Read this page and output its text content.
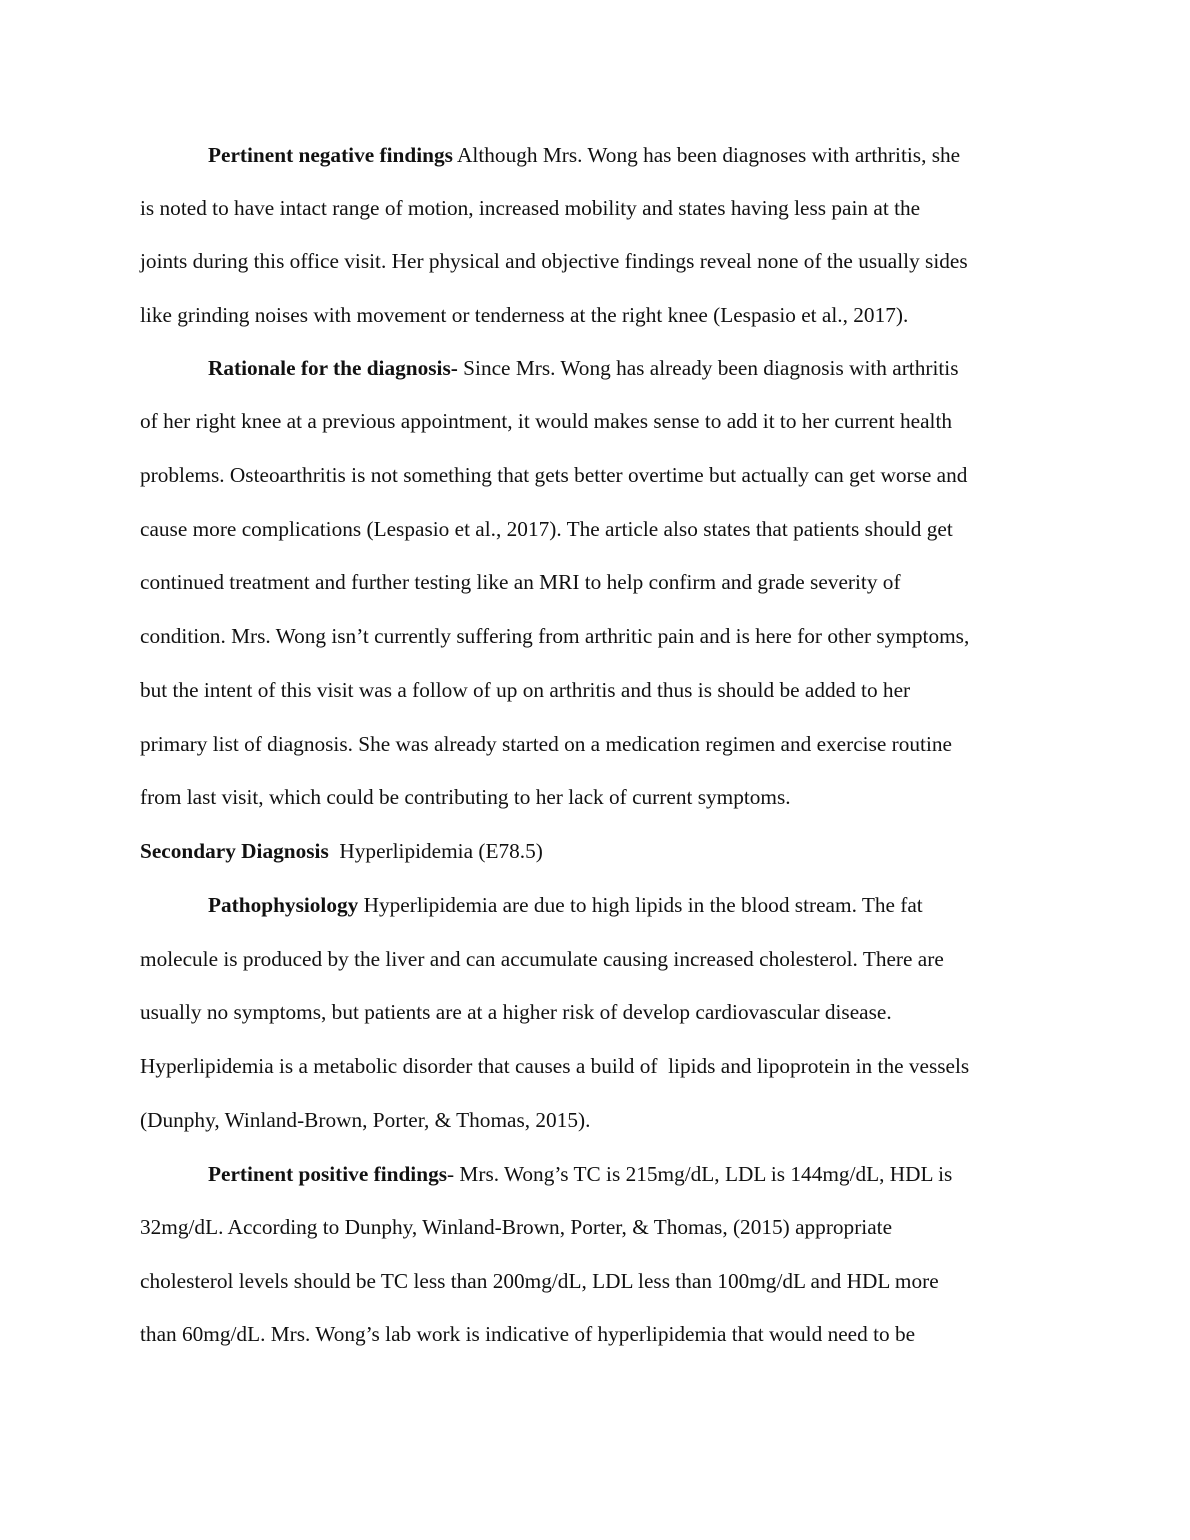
Pertinent negative findings Although Mrs. Wong has been diagnoses with arthritis, she
is noted to have intact range of motion, increased mobility and states having less pain at the
joints during this office visit. Her physical and objective findings reveal none of the usually sides
like grinding noises with movement or tenderness at the right knee (Lespasio et al., 2017).
Rationale for the diagnosis- Since Mrs. Wong has already been diagnosis with arthritis
of her right knee at a previous appointment, it would makes sense to add it to her current health
problems. Osteoarthritis is not something that gets better overtime but actually can get worse and
cause more complications (Lespasio et al., 2017). The article also states that patients should get
continued treatment and further testing like an MRI to help confirm and grade severity of
condition. Mrs. Wong isn’t currently suffering from arthritic pain and is here for other symptoms,
but the intent of this visit was a follow of up on arthritis and thus is should be added to her
primary list of diagnosis. She was already started on a medication regimen and exercise routine
from last visit, which could be contributing to her lack of current symptoms.
Secondary Diagnosis  Hyperlipidemia (E78.5)
Pathophysiology Hyperlipidemia are due to high lipids in the blood stream. The fat
molecule is produced by the liver and can accumulate causing increased cholesterol. There are
usually no symptoms, but patients are at a higher risk of develop cardiovascular disease.
Hyperlipidemia is a metabolic disorder that causes a build of  lipids and lipoprotein in the vessels
(Dunphy, Winland-Brown, Porter, & Thomas, 2015).
Pertinent positive findings- Mrs. Wong’s TC is 215mg/dL, LDL is 144mg/dL, HDL is
32mg/dL. According to Dunphy, Winland-Brown, Porter, & Thomas, (2015) appropriate
cholesterol levels should be TC less than 200mg/dL, LDL less than 100mg/dL and HDL more
than 60mg/dL. Mrs. Wong’s lab work is indicative of hyperlipidemia that would need to be
